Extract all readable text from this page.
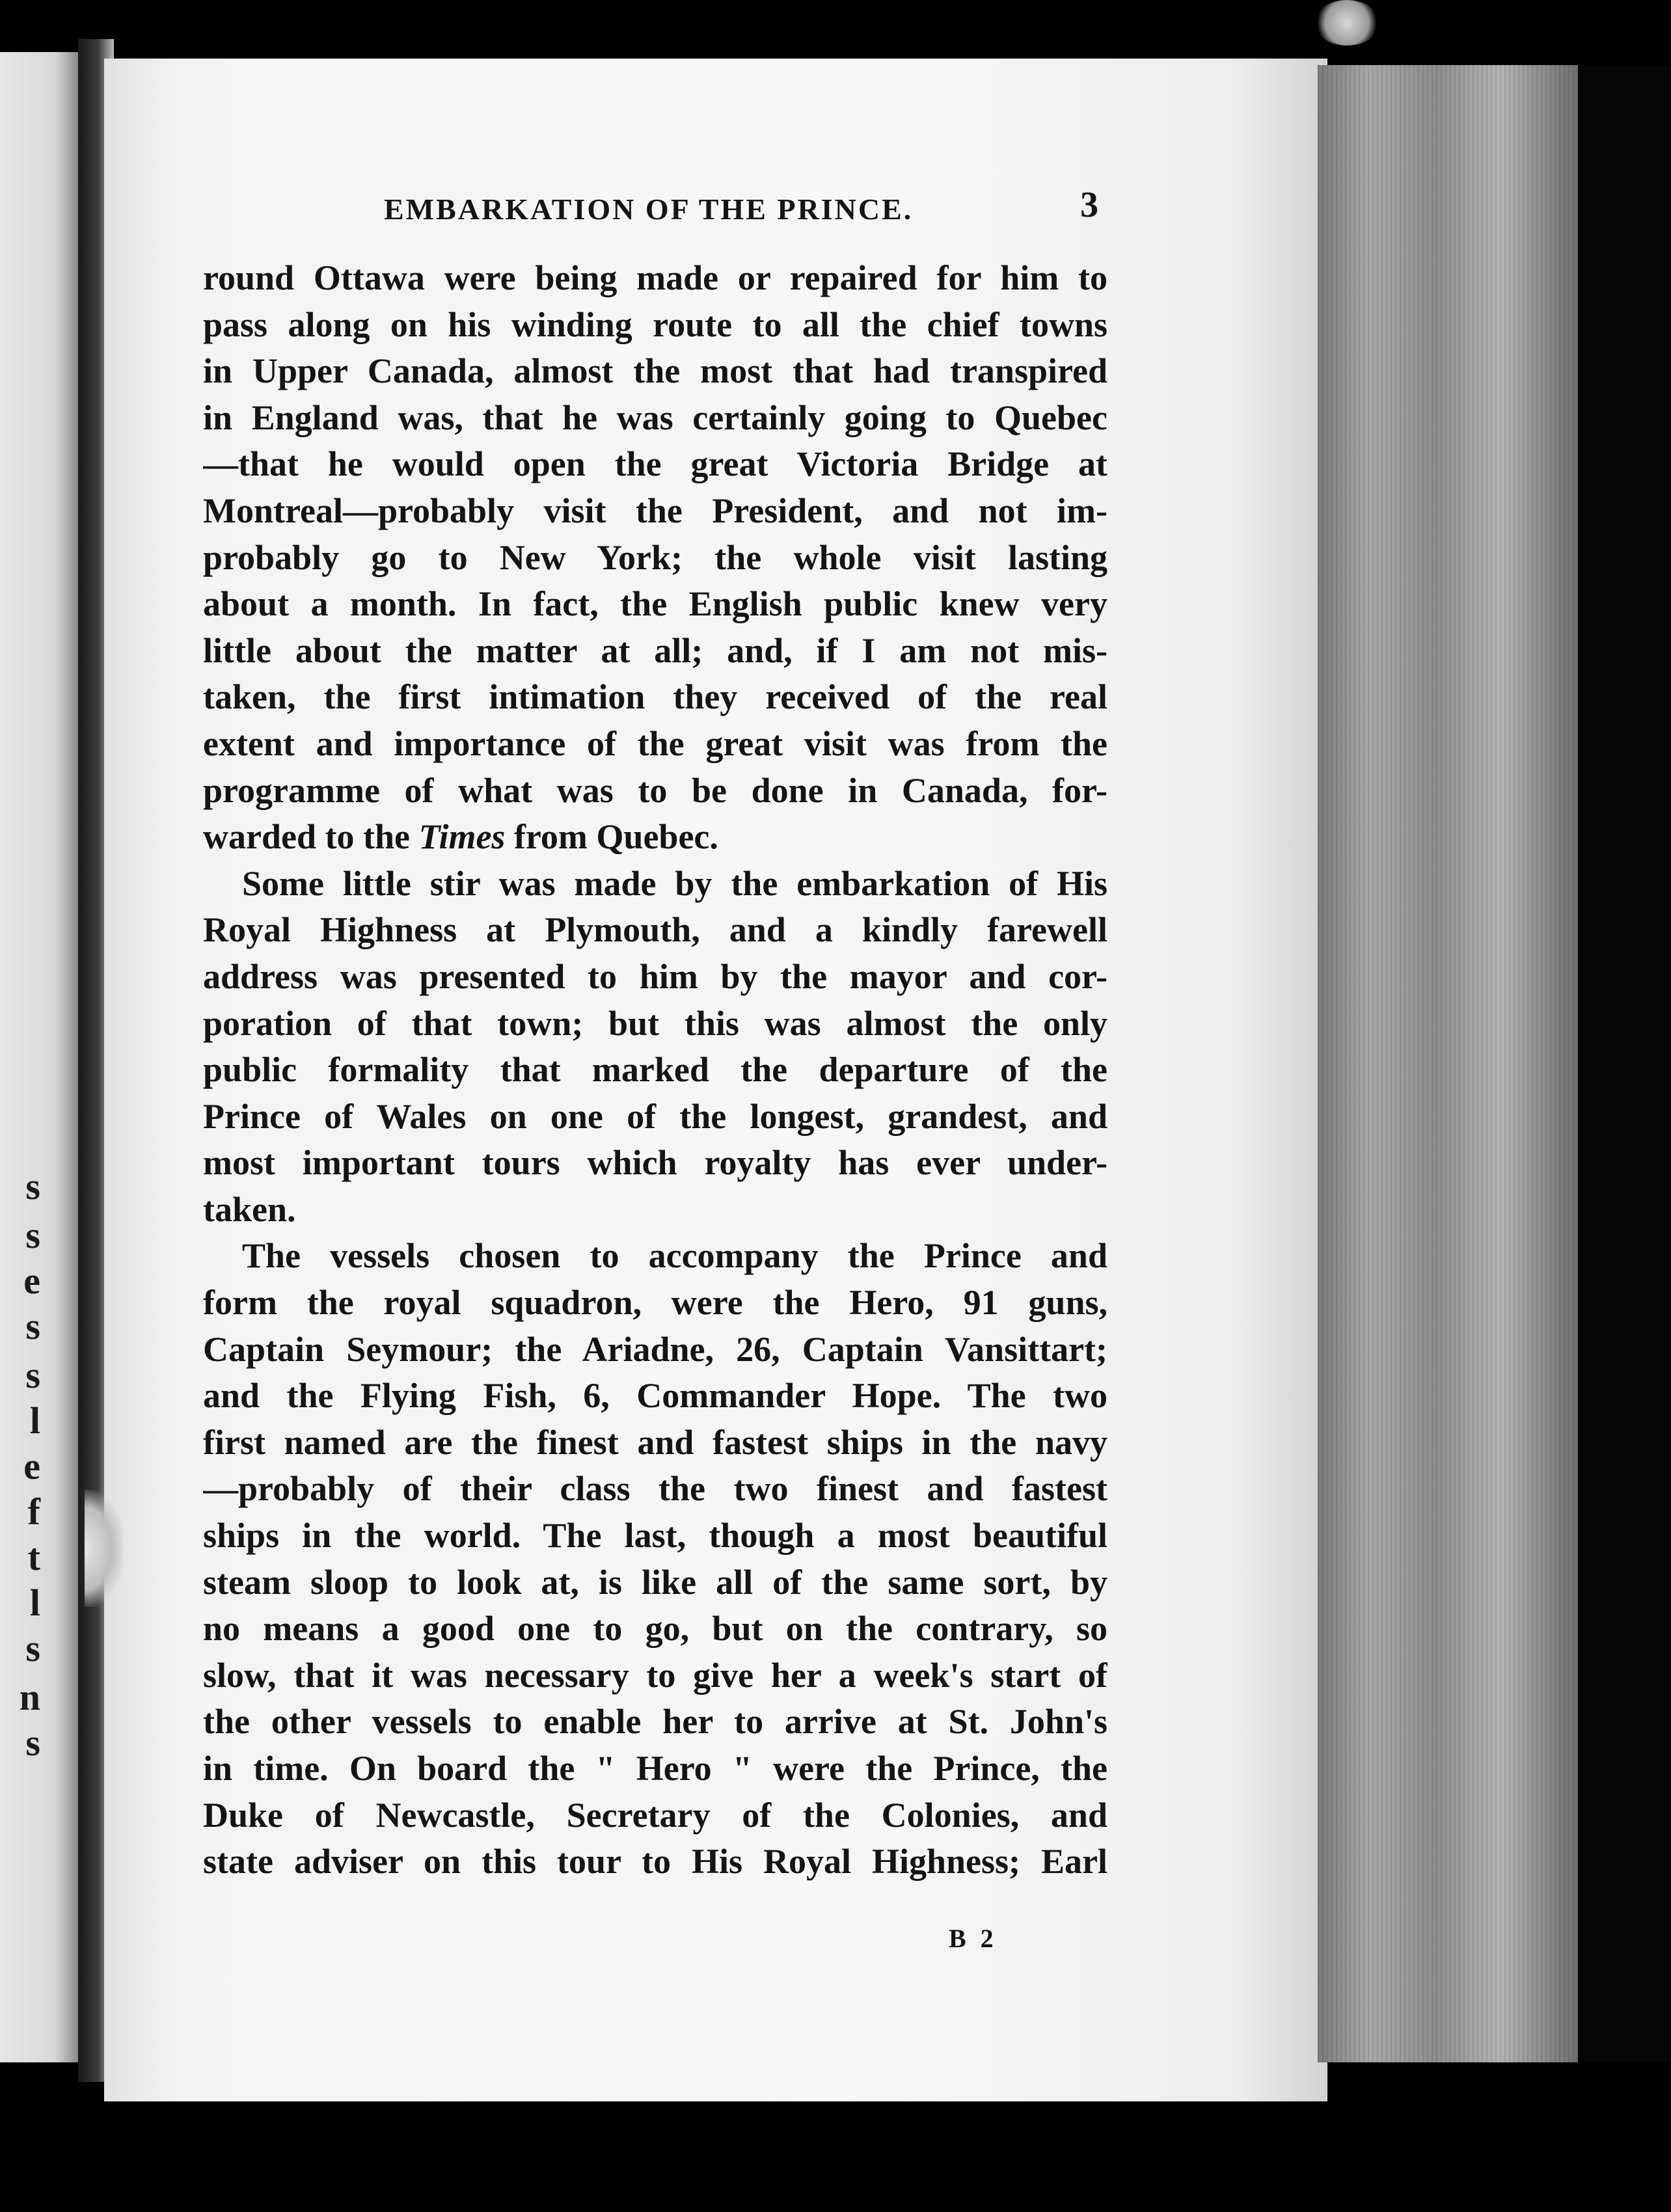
s
s
e
s
s
l
e
f
t
l
s
n
s
EMBARKATION OF THE PRINCE.	3
round Ottawa were being made or repaired for him to
pass along on his winding route to all the chief towns
in Upper Canada, almost the most that had transpired
in England was, that he was certainly going to Quebec
—that he would open the great Victoria Bridge at
Montreal—probably visit the President, and not im-
probably go to New York; the whole visit lasting
about a month. In fact, the English public knew very
little about the matter at all; and, if I am not mis-
taken, the first intimation they received of the real
extent and importance of the great visit was from the
programme of what was to be done in Canada, for-
warded to the Times from Quebec.
Some little stir was made by the embarkation of His
Royal Highness at Plymouth, and a kindly farewell
address was presented to him by the mayor and cor-
poration of that town; but this was almost the only
public formality that marked the departure of the
Prince of Wales on one of the longest, grandest, and
most important tours which royalty has ever under-
taken.
The vessels chosen to accompany the Prince and
form the royal squadron, were the Hero, 91 guns,
Captain Seymour; the Ariadne, 26, Captain Vansittart;
and the Flying Fish, 6, Commander Hope. The two
first named are the finest and fastest ships in the navy
—probably of their class the two finest and fastest
ships in the world. The last, though a most beautiful
steam sloop to look at, is like all of the same sort, by
no means a good one to go, but on the contrary, so
slow, that it was necessary to give her a week's start of
the other vessels to enable her to arrive at St. John's
in time. On board the " Hero " were the Prince, the
Duke of Newcastle, Secretary of the Colonies, and
state adviser on this tour to His Royal Highness; Earl
B 2
